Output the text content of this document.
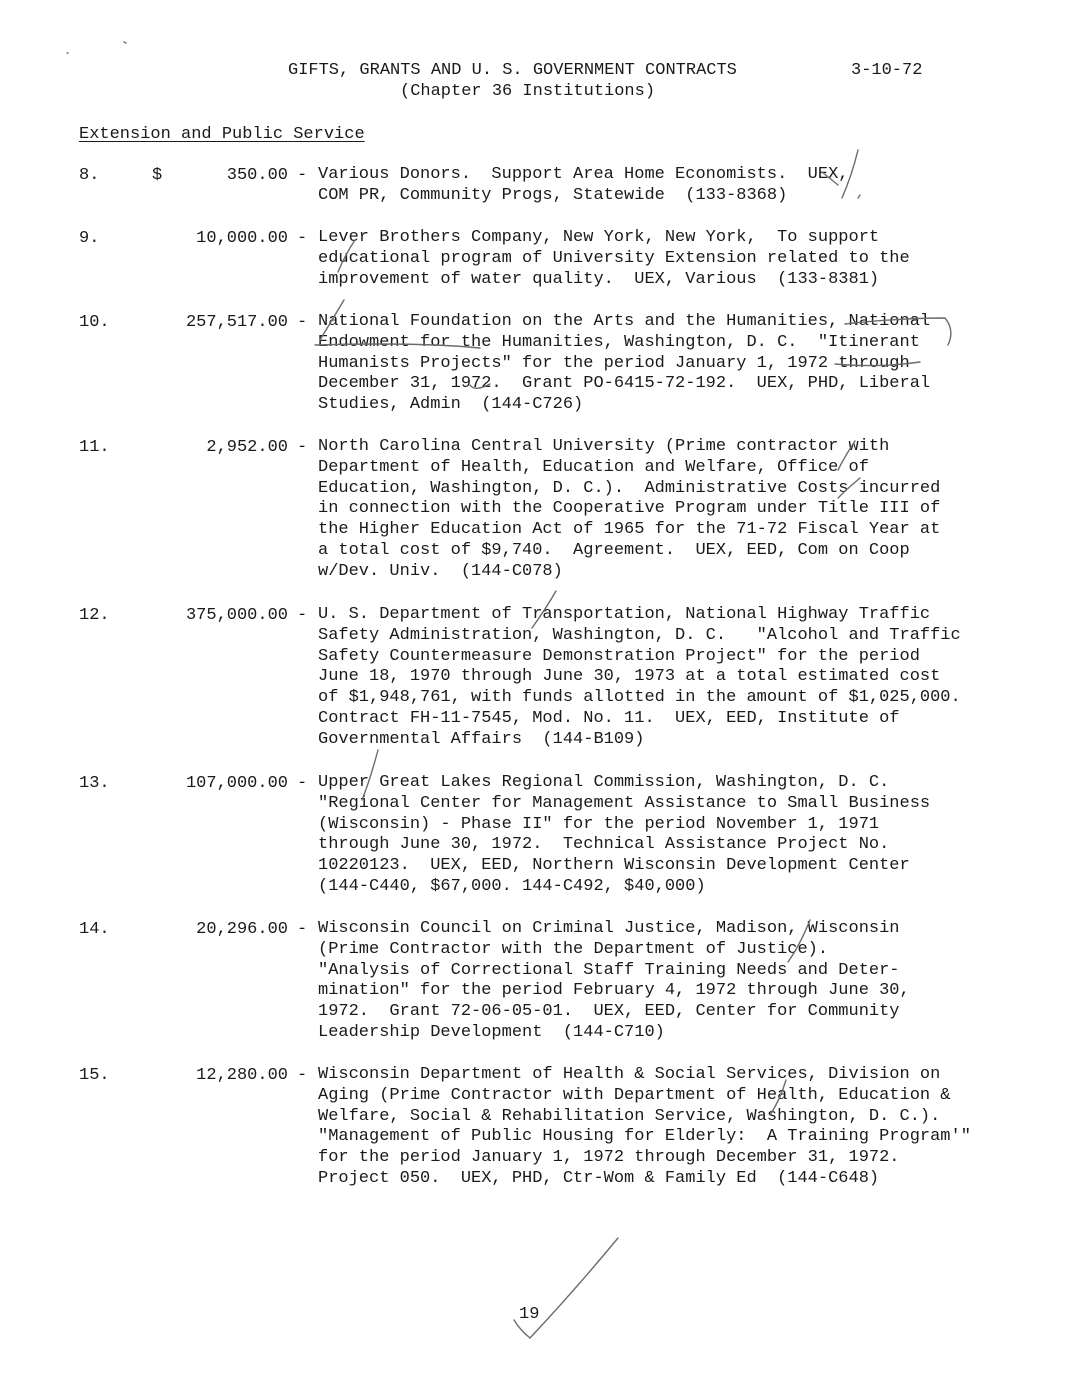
GIFTS, GRANTS AND U. S. GOVERNMENT CONTRACTS
(Chapter 36 Institutions)
3-10-72
Extension and Public Service
8.	$	350.00 - Various Donors.  Support Area Home Economists.  UEX,
COM PR, Community Progs, Statewide  (133-8368)
9.	10,000.00 - Lever Brothers Company, New York, New York,  To support
educational program of University Extension related to the
improvement of water quality.  UEX, Various  (133-8381)
10.	257,517.00 - National Foundation on the Arts and the Humanities, National
Endowment for the Humanities, Washington, D. C.  "Itinerant
Humanists Projects" for the period January 1, 1972 through
December 31, 1972.  Grant PO-6415-72-192.  UEX, PHD, Liberal
Studies, Admin  (144-C726)
11.	2,952.00 - North Carolina Central University (Prime contractor with
Department of Health, Education and Welfare, Office of
Education, Washington, D. C.).  Administrative Costs incurred
in connection with the Cooperative Program under Title III of
the Higher Education Act of 1965 for the 71-72 Fiscal Year at
a total cost of $9,740.  Agreement.  UEX, EED, Com on Coop
w/Dev. Univ.  (144-C078)
12.	375,000.00 - U. S. Department of Transportation, National Highway Traffic
Safety Administration, Washington, D. C.   "Alcohol and Traffic
Safety Countermeasure Demonstration Project" for the period
June 18, 1970 through June 30, 1973 at a total estimated cost
of $1,948,761, with funds allotted in the amount of $1,025,000.
Contract FH-11-7545, Mod. No. 11.  UEX, EED, Institute of
Governmental Affairs  (144-B109)
13.	107,000.00 - Upper Great Lakes Regional Commission, Washington, D. C.
"Regional Center for Management Assistance to Small Business
(Wisconsin) - Phase II" for the period November 1, 1971
through June 30, 1972.  Technical Assistance Project No.
10220123.  UEX, EED, Northern Wisconsin Development Center
(144-C440, $67,000. 144-C492, $40,000)
14.	20,296.00 - Wisconsin Council on Criminal Justice, Madison, Wisconsin
(Prime Contractor with the Department of Justice).
"Analysis of Correctional Staff Training Needs and Deter-
mination" for the period February 4, 1972 through June 30,
1972.  Grant 72-06-05-01.  UEX, EED, Center for Community
Leadership Development  (144-C710)
15.	12,280.00 - Wisconsin Department of Health & Social Services, Division on
Aging (Prime Contractor with Department of Health, Education &
Welfare, Social & Rehabilitation Service, Washington, D. C.).
"Management of Public Housing for Elderly:  A Training Program'"
for the period January 1, 1972 through December 31, 1972.
Project 050.  UEX, PHD, Ctr-Wom & Family Ed  (144-C648)
19
